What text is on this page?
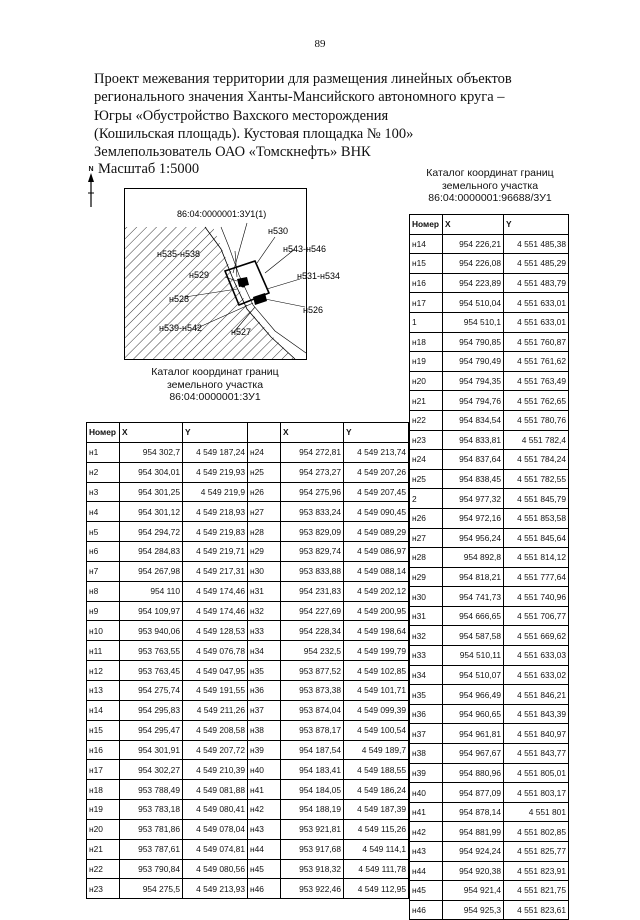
89
Проект межевания территории для размещения линейных объектов
регионального значения Ханты-Мансийского автономного круга –
Югры «Обустройство Вахского месторождения
(Кошильская площадь). Кустовая площадка № 100»
Землепользователь ОАО «Томскнефть» ВНК
N Масштаб 1:5000
86:04:0000001:3У1(1)
н530
н535-н538	н543-н546
н529	н531-н534
н528
н526
н539-н542	н527
Каталог координат границ
земельного участка
86:04:0000001:3У1
Каталог координат границ
земельного участка
86:04:0000001:96688/3У1
Номер	X	Y		X	Y
н1	954 302,7	4 549 187,24	н24	954 272,81	4 549 213,74
н2	954 304,01	4 549 219,93	н25	954 273,27	4 549 207,26
н3	954 301,25	4 549 219,9	н26	954 275,96	4 549 207,45
н4	954 301,12	4 549 218,93	н27	953 833,24	4 549 090,45
н5	954 294,72	4 549 219,83	н28	953 829,09	4 549 089,29
н6	954 284,83	4 549 219,71	н29	953 829,74	4 549 086,97
н7	954 267,98	4 549 217,31	н30	953 833,88	4 549 088,14
н8	954 110	4 549 174,46	н31	954 231,83	4 549 202,12
н9	954 109,97	4 549 174,46	н32	954 227,69	4 549 200,95
н10	953 940,06	4 549 128,53	н33	954 228,34	4 549 198,64
н11	953 763,55	4 549 076,78	н34	954 232,5	4 549 199,79
н12	953 763,45	4 549 047,95	н35	953 877,52	4 549 102,85
н13	954 275,74	4 549 191,55	н36	953 873,38	4 549 101,71
н14	954 295,83	4 549 211,26	н37	953 874,04	4 549 099,39
н15	954 295,47	4 549 208,58	н38	953 878,17	4 549 100,54
н16	954 301,91	4 549 207,72	н39	954 187,54	4 549 189,7
н17	954 302,27	4 549 210,39	н40	954 183,41	4 549 188,55
н18	953 788,49	4 549 081,88	н41	954 184,05	4 549 186,24
н19	953 783,18	4 549 080,41	н42	954 188,19	4 549 187,39
н20	953 781,86	4 549 078,04	н43	953 921,81	4 549 115,26
н21	953 787,61	4 549 074,81	н44	953 917,68	4 549 114,1
н22	953 790,84	4 549 080,56	н45	953 918,32	4 549 111,78
н23	954 275,5	4 549 213,93	н46	953 922,46	4 549 112,95
Номер	X	Y
н14	954 226,21	4 551 485,38
н15	954 226,08	4 551 485,29
н16	954 223,89	4 551 483,79
н17	954 510,04	4 551 633,01
1	954 510,1	4 551 633,01
н18	954 790,85	4 551 760,87
н19	954 790,49	4 551 761,62
н20	954 794,35	4 551 763,49
н21	954 794,76	4 551 762,65
н22	954 834,54	4 551 780,76
н23	954 833,81	4 551 782,4
н24	954 837,64	4 551 784,24
н25	954 838,45	4 551 782,55
2	954 977,32	4 551 845,79
н26	954 972,16	4 551 853,58
н27	954 956,24	4 551 845,64
н28	954 892,8	4 551 814,12
н29	954 818,21	4 551 777,64
н30	954 741,73	4 551 740,96
н31	954 666,65	4 551 706,77
н32	954 587,58	4 551 669,62
н33	954 510,11	4 551 633,03
н34	954 510,07	4 551 633,02
н35	954 966,49	4 551 846,21
н36	954 960,65	4 551 843,39
н37	954 961,81	4 551 840,97
н38	954 967,67	4 551 843,77
н39	954 880,96	4 551 805,01
н40	954 877,09	4 551 803,17
н41	954 878,14	4 551 801
н42	954 881,99	4 551 802,85
н43	954 924,24	4 551 825,77
н44	954 920,38	4 551 823,91
н45	954 921,4	4 551 821,75
н46	954 925,3	4 551 823,61
